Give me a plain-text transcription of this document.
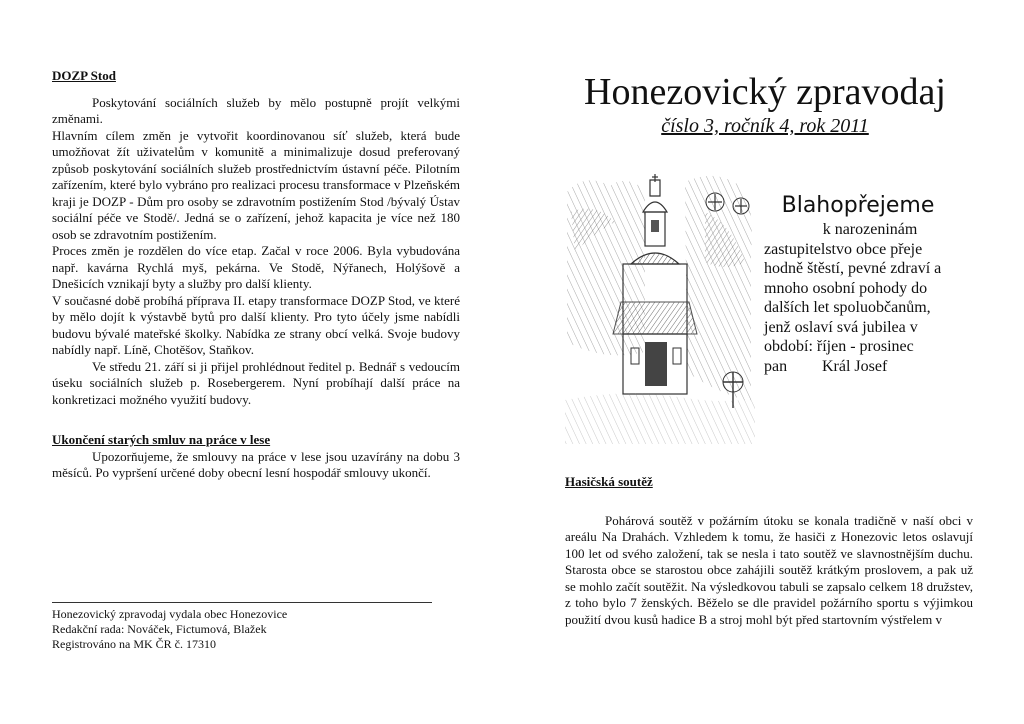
DOZP Stod

Poskytování sociálních služeb by mělo postupně projít velkými změnami.

Hlavním cílem změn je vytvořit koordinovanou síť služeb, která bude umožňovat žít uživatelům v komunitě a minimalizuje dosud preferovaný způsob poskytování sociálních služeb prostřednictvím ústavní péče. Pilotním zařízením, které bylo vybráno pro realizaci procesu transformace v Plzeňském kraji je DOZP - Dům pro osoby se zdravotním postižením Stod /bývalý Ústav sociální péče ve Stodě/. Jedná se o zařízení, jehož kapacita je více než 180 osob se zdravotním postižením.

Proces změn je rozdělen do více etap. Začal v roce 2006. Byla vybudována např. kavárna Rychlá myš, pekárna. Ve Stodě, Nýřanech, Holýšově a Dnešicích vznikají byty a služby pro další klienty.

V současné době probíhá příprava II. etapy transformace DOZP Stod, ve které by mělo dojít k výstavbě bytů pro další klienty. Pro tyto účely jsme nabídli budovu bývalé mateřské školky. Nabídka ze strany obcí velká. Svoje budovy nabídly např. Líně, Chotěšov, Staňkov.

Ve středu 21. září si ji přijel prohlédnout ředitel p. Bednář s vedoucím úseku sociálních služeb p. Rosebergerem. Nyní probíhají další práce na konkretizaci možného využití budovy.

Ukončení starých smluv na práce v lese

Upozorňujeme, že smlouvy na práce v lese jsou uzavírány na dobu 3 měsíců. Po vypršení určené doby obecní lesní hospodář smlouvy ukončí.

Honezovický zpravodaj vydala obec Honezovice
Redakční rada: Nováček, Fictumová, Blažek
Registrováno na MK ČR č. 17310
Honezovický zpravodaj
číslo 3, ročník 4, rok 2011
Blahopřejeme
k narozeninám
zastupitelstvo obce přeje hodně štěstí, pevné zdraví a mnoho osobní pohody do dalších let spoluobčanům, jenž oslaví svá jubilea v období: říjen - prosinec
pan	Král Josef
Hasičská soutěž

Pohárová soutěž v požárním útoku se konala tradičně v naší obci v areálu Na Drahách. Vzhledem k tomu, že hasiči z Honezovic letos oslavují 100 let od svého založení, tak se nesla i tato soutěž ve slavnostnějším duchu. Starosta obce se starostou obce zahájili soutěž krátkým proslovem, a pak už se mohlo začít soutěžit. Na výsledkovou tabuli se zapsalo celkem 18 družstev, z toho bylo 7 ženských. Běželo se dle pravidel požárního sportu s výjimkou použití dvou kusů hadice B a stroj mohl být před startovním výstřelem v
